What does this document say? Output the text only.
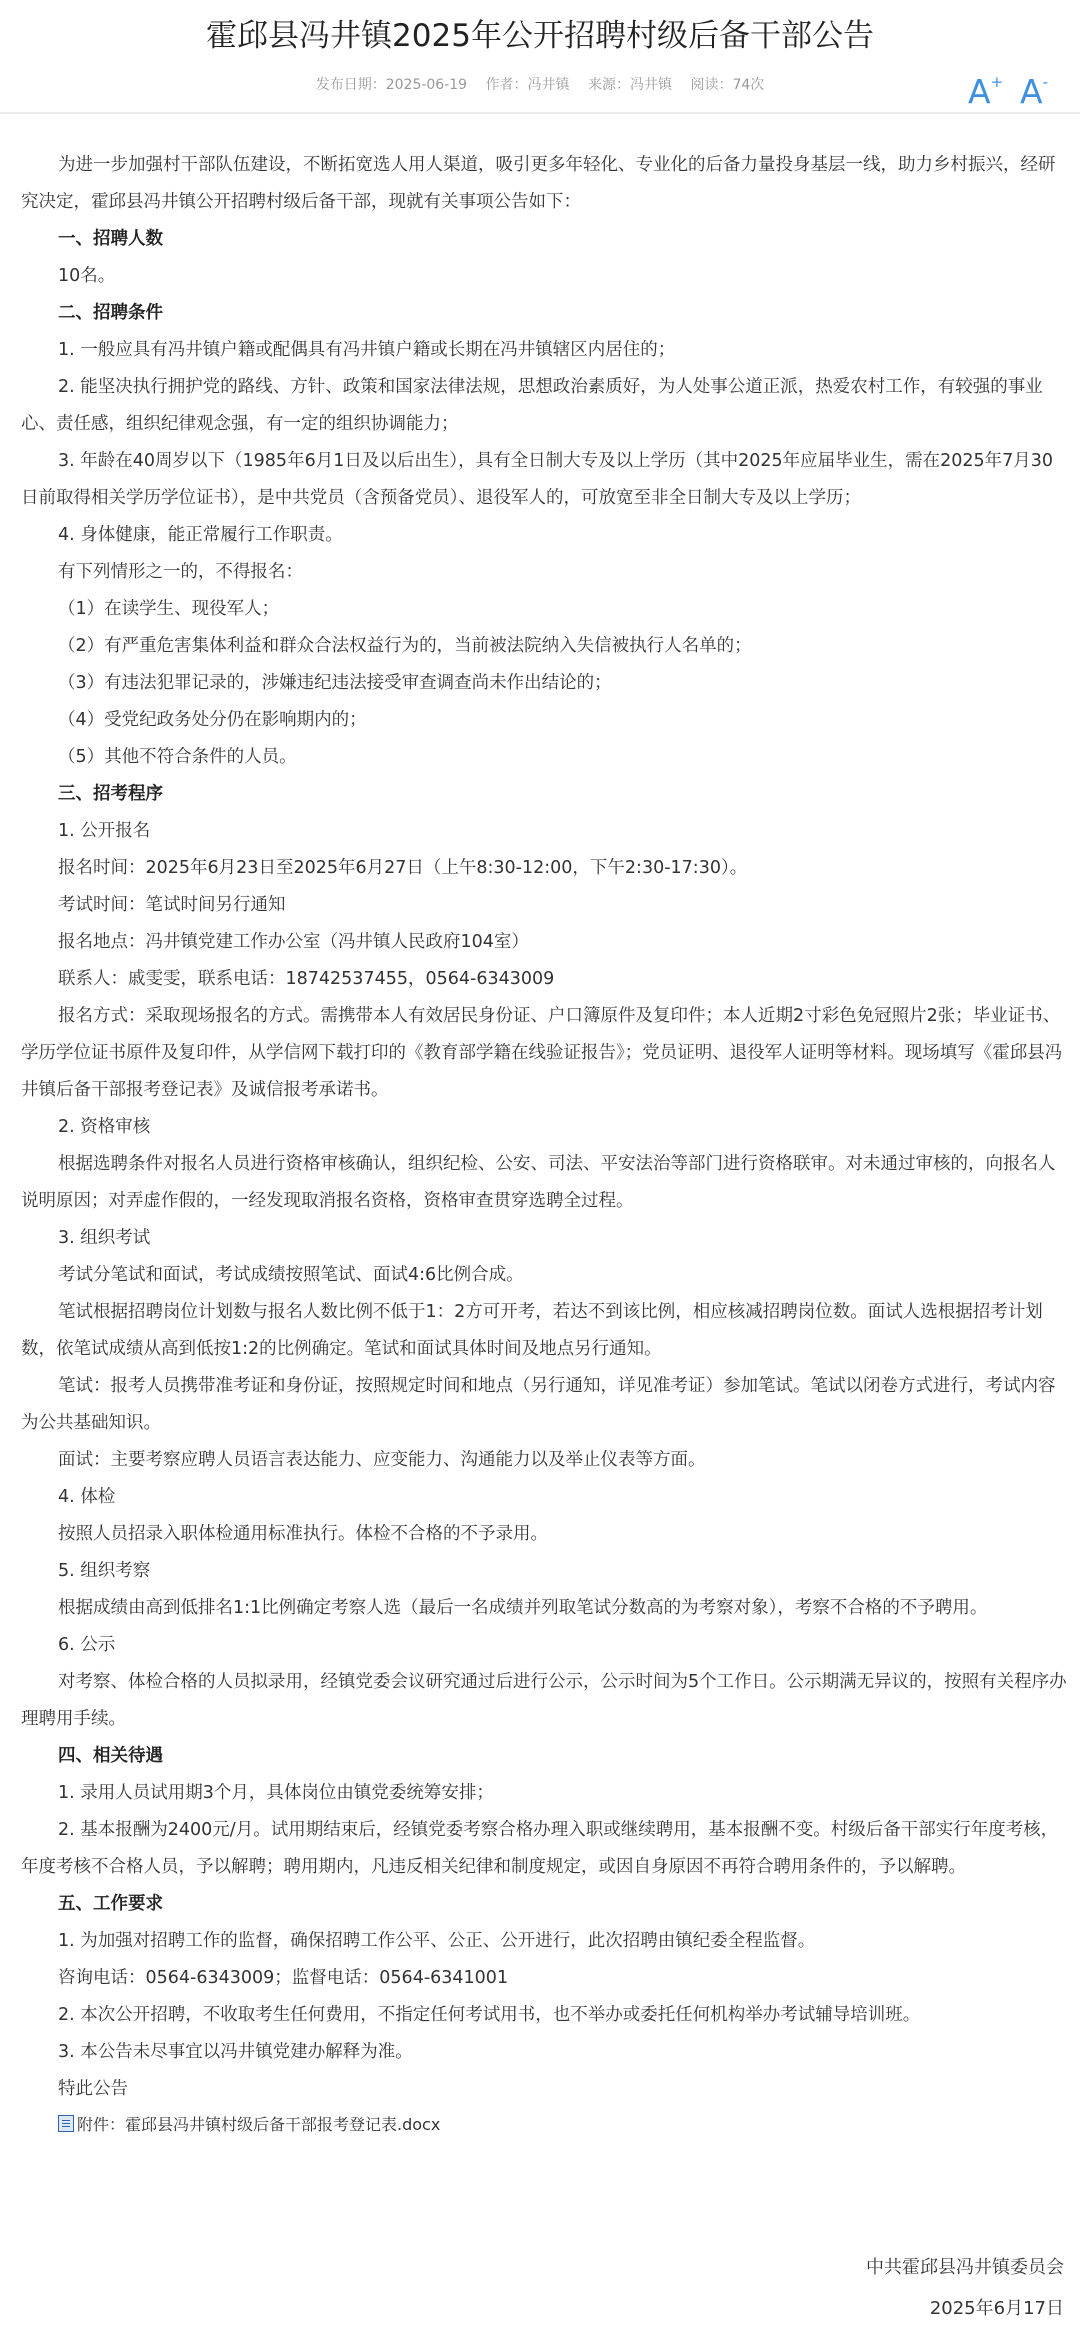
霍邱县冯井镇2025年公开招聘村级后备干部公告
发布日期：2025-06-19 作者：冯井镇 来源：冯井镇 阅读：74次	A+ A-

为进一步加强村干部队伍建设，不断拓宽选人用人渠道，吸引更多年轻化、专业化的后备力量投身基层一线，助力乡村振兴，经研究决定，霍邱县冯井镇公开招聘村级后备干部，现就有关事项公告如下：

一、招聘人数

10名。

二、招聘条件

1. 一般应具有冯井镇户籍或配偶具有冯井镇户籍或长期在冯井镇辖区内居住的；

2. 能坚决执行拥护党的路线、方针、政策和国家法律法规，思想政治素质好，为人处事公道正派，热爱农村工作，有较强的事业心、责任感，组织纪律观念强，有一定的组织协调能力；

3. 年龄在40周岁以下（1985年6月1日及以后出生），具有全日制大专及以上学历（其中2025年应届毕业生，需在2025年7月30日前取得相关学历学位证书），是中共党员（含预备党员）、退役军人的，可放宽至非全日制大专及以上学历；

4. 身体健康，能正常履行工作职责。

有下列情形之一的，不得报名：

（1）在读学生、现役军人；

（2）有严重危害集体利益和群众合法权益行为的，当前被法院纳入失信被执行人名单的；

（3）有违法犯罪记录的，涉嫌违纪违法接受审查调查尚未作出结论的；

（4）受党纪政务处分仍在影响期内的；

（5）其他不符合条件的人员。

三、招考程序

1. 公开报名

报名时间：2025年6月23日至2025年6月27日（上午8:30-12:00，下午2:30-17:30）。

考试时间：笔试时间另行通知

报名地点：冯井镇党建工作办公室（冯井镇人民政府104室）

联系人：戚雯雯，联系电话：18742537455，0564-6343009

报名方式：采取现场报名的方式。需携带本人有效居民身份证、户口簿原件及复印件；本人近期2寸彩色免冠照片2张；毕业证书、学历学位证书原件及复印件，从学信网下载打印的《教育部学籍在线验证报告》；党员证明、退役军人证明等材料。现场填写《霍邱县冯井镇后备干部报考登记表》及诚信报考承诺书。

2. 资格审核

根据选聘条件对报名人员进行资格审核确认，组织纪检、公安、司法、平安法治等部门进行资格联审。对未通过审核的，向报名人说明原因；对弄虚作假的，一经发现取消报名资格，资格审查贯穿选聘全过程。

3. 组织考试

考试分笔试和面试，考试成绩按照笔试、面试4:6比例合成。

笔试根据招聘岗位计划数与报名人数比例不低于1：2方可开考，若达不到该比例，相应核减招聘岗位数。面试人选根据招考计划数，依笔试成绩从高到低按1:2的比例确定。笔试和面试具体时间及地点另行通知。

笔试：报考人员携带准考证和身份证，按照规定时间和地点（另行通知，详见准考证）参加笔试。笔试以闭卷方式进行，考试内容为公共基础知识。

面试：主要考察应聘人员语言表达能力、应变能力、沟通能力以及举止仪表等方面。

4. 体检

按照人员招录入职体检通用标准执行。体检不合格的不予录用。

5. 组织考察

根据成绩由高到低排名1:1比例确定考察人选（最后一名成绩并列取笔试分数高的为考察对象），考察不合格的不予聘用。

6. 公示

对考察、体检合格的人员拟录用，经镇党委会议研究通过后进行公示，公示时间为5个工作日。公示期满无异议的，按照有关程序办理聘用手续。

四、相关待遇

1. 录用人员试用期3个月，具体岗位由镇党委统筹安排；

2. 基本报酬为2400元/月。试用期结束后，经镇党委考察合格办理入职或继续聘用，基本报酬不变。村级后备干部实行年度考核，年度考核不合格人员，予以解聘；聘用期内，凡违反相关纪律和制度规定，或因自身原因不再符合聘用条件的，予以解聘。

五、工作要求

1. 为加强对招聘工作的监督，确保招聘工作公平、公正、公开进行，此次招聘由镇纪委全程监督。

咨询电话：0564-6343009；监督电话：0564-6341001

2. 本次公开招聘，不收取考生任何费用，不指定任何考试用书，也不举办或委托任何机构举办考试辅导培训班。

3. 本公告未尽事宜以冯井镇党建办解释为准。

特此公告

附件：霍邱县冯井镇村级后备干部报考登记表.docx
中共霍邱县冯井镇委员会
2025年6月17日
